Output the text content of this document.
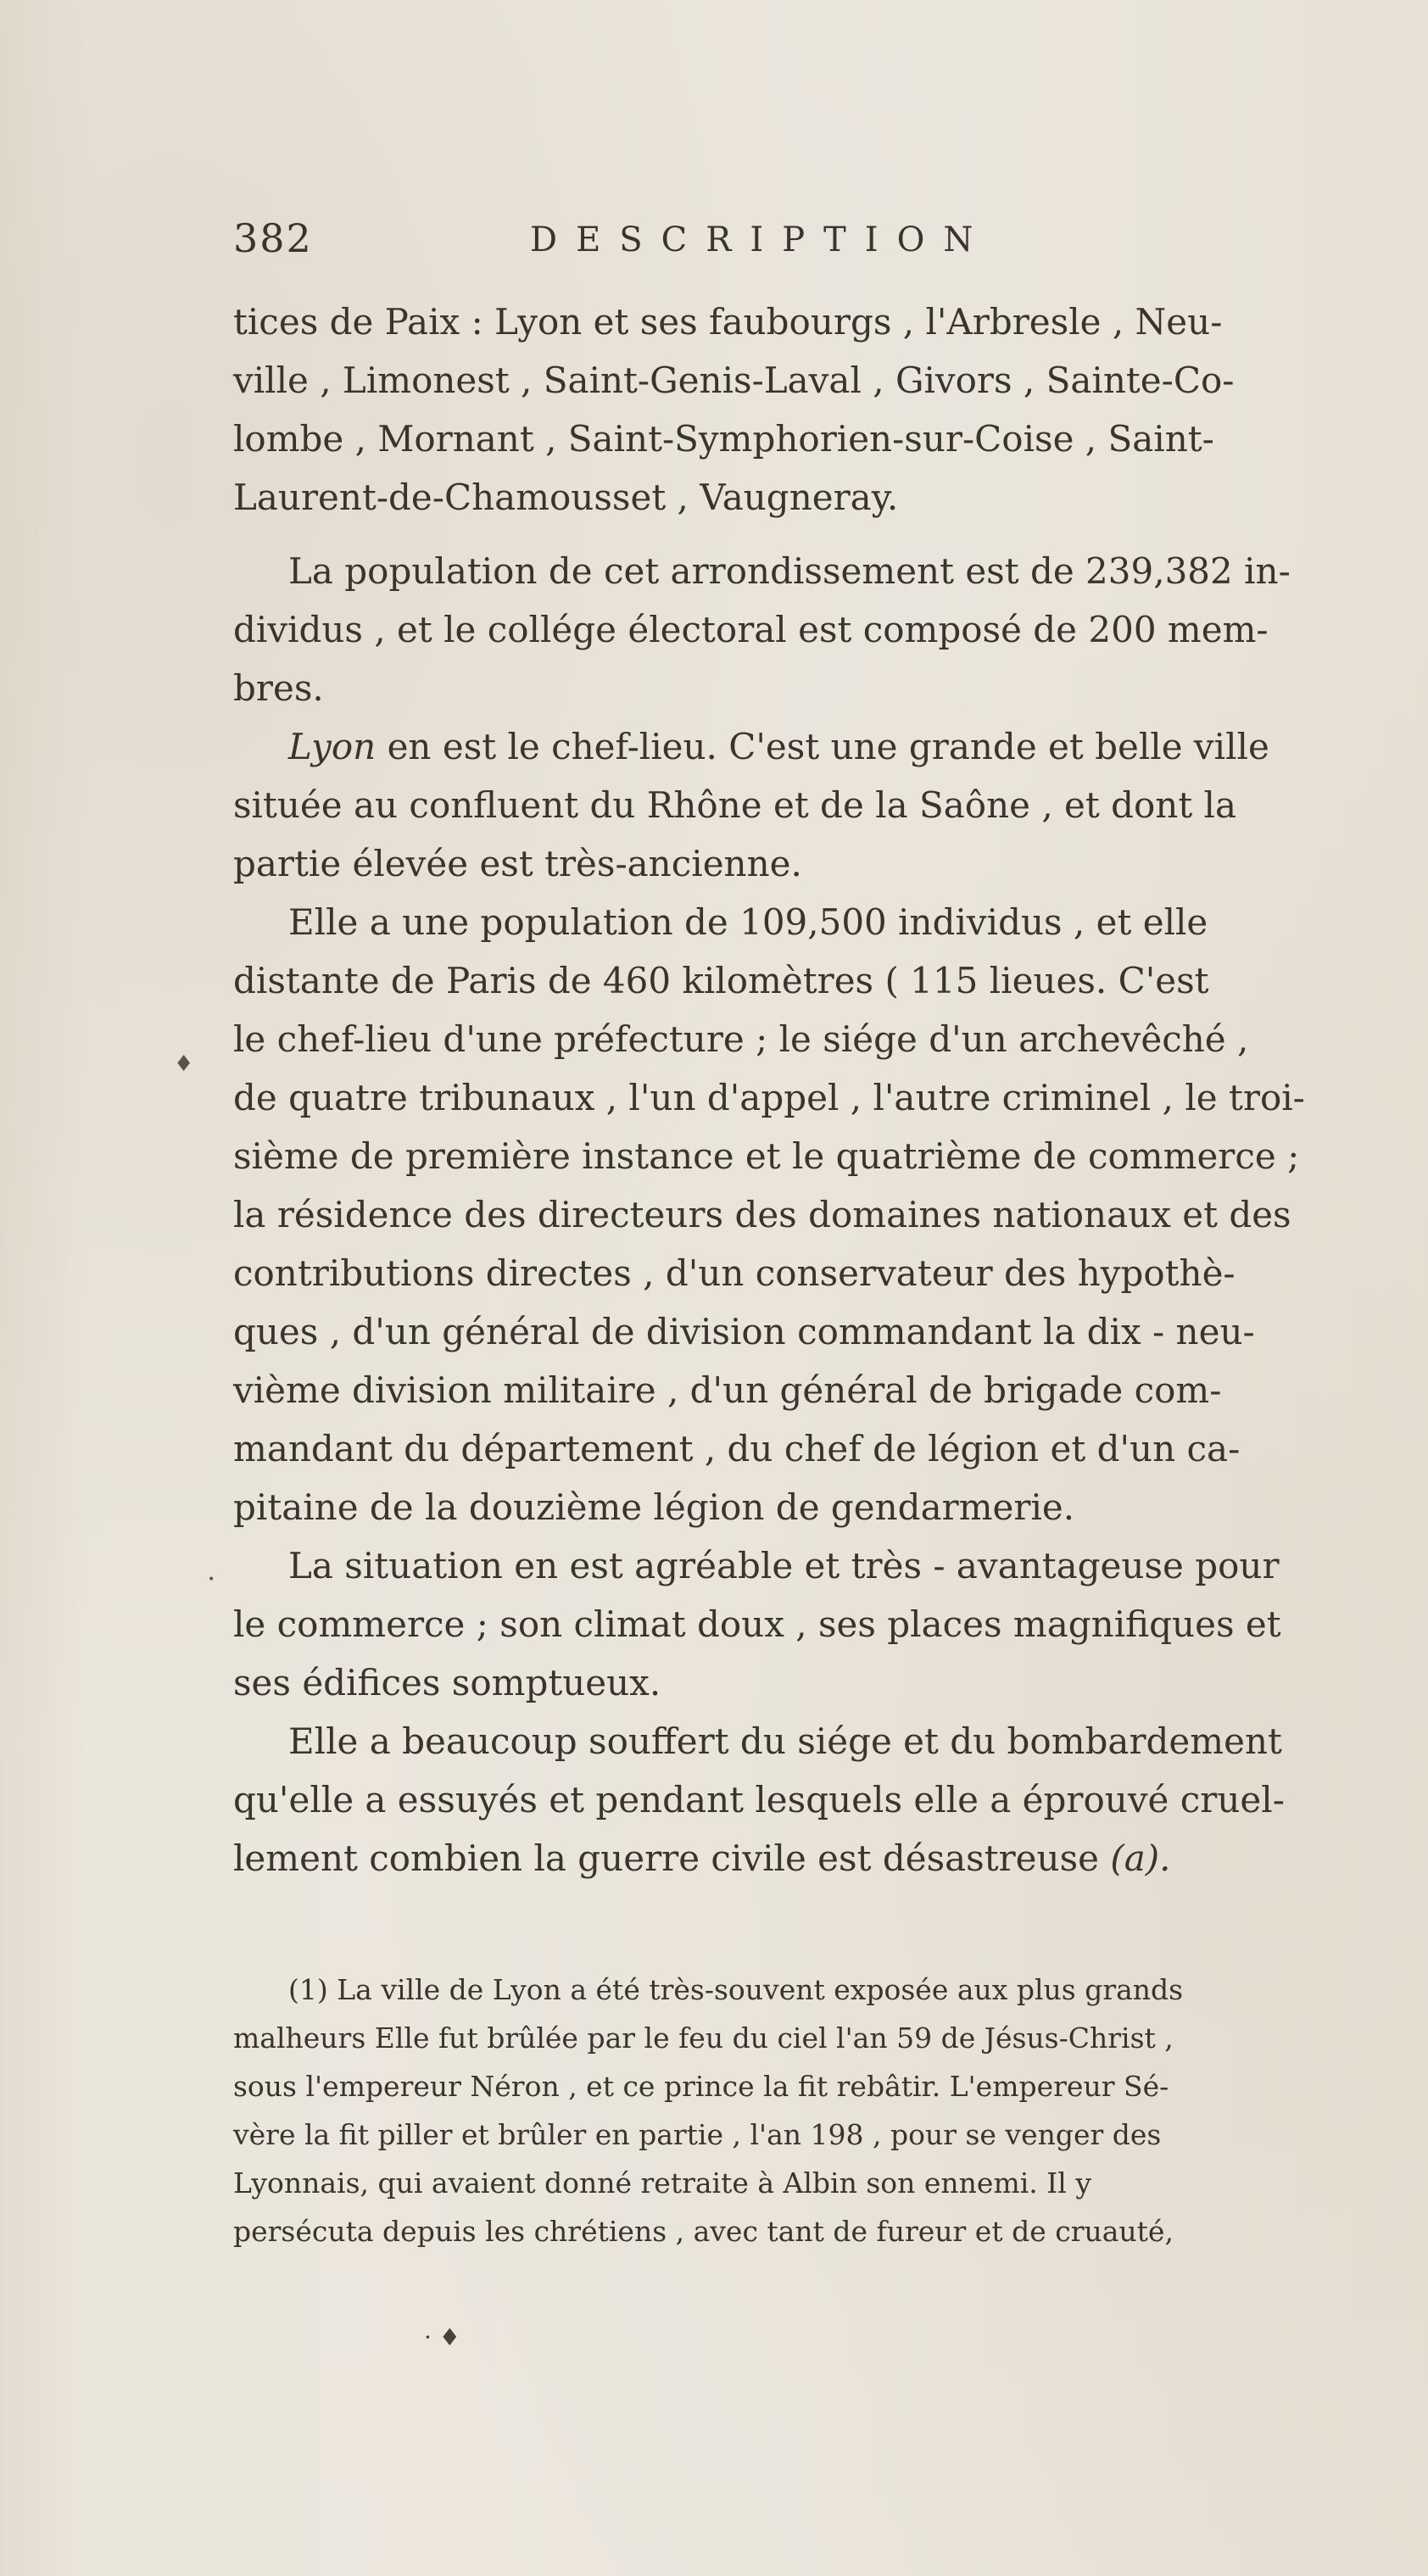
382	DESCRIPTION

tices de Paix : Lyon et ses faubourgs , l'Arbresle , Neu-
ville , Limonest , Saint-Genis-Laval , Givors , Sainte-Co-
lombe , Mornant , Saint-Symphorien-sur-Coise , Saint-
Laurent-de-Chamousset , Vaugneray.

La population de cet arrondissement est de 239,382 in-
dividus , et le collége électoral est composé de 200 mem-
bres.

Lyon en est le chef-lieu. C'est une grande et belle ville
située au confluent du Rhône et de la Saône , et dont la
partie élevée est très-ancienne.

Elle a une population de 109,500 individus , et elle
distante de Paris de 460 kilomètres ( 115 lieues. C'est
le chef-lieu d'une préfecture ; le siége d'un archevêché ,
de quatre tribunaux , l'un d'appel , l'autre criminel , le troi-
sième de première instance et le quatrième de commerce ;
la résidence des directeurs des domaines nationaux et des
contributions directes , d'un conservateur des hypothè-
ques , d'un général de division commandant la dix - neu-
vième division militaire , d'un général de brigade com-
mandant du département , du chef de légion et d'un ca-
pitaine de la douzième légion de gendarmerie.

La situation en est agréable et très - avantageuse pour
le commerce ; son climat doux , ses places magnifiques et
ses édifices somptueux.

Elle a beaucoup souffert du siége et du bombardement
qu'elle a essuyés et pendant lesquels elle a éprouvé cruel-
lement combien la guerre civile est désastreuse (a).

(1) La ville de Lyon a été très-souvent exposée aux plus grands
malheurs Elle fut brûlée par le feu du ciel l'an 59 de Jésus-Christ ,
sous l'empereur Néron , et ce prince la fit rebâtir. L'empereur Sé-
vère la fit piller et brûler en partie , l'an 198 , pour se venger des
Lyonnais, qui avaient donné retraite à Albin son ennemi. Il y
persécuta depuis les chrétiens , avec tant de fureur et de cruauté,

· ♦
♦
•
